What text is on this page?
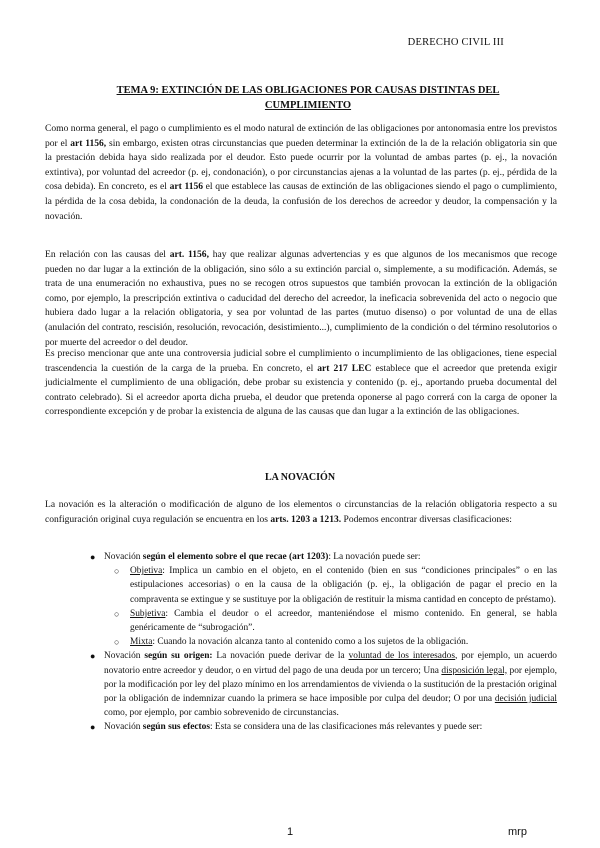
DERECHO CIVIL III
TEMA 9: EXTINCIÓN DE LAS OBLIGACIONES POR CAUSAS DISTINTAS DEL CUMPLIMIENTO
Como norma general, el pago o cumplimiento es el modo natural de extinción de las obligaciones por antonomasia entre los previstos por el art 1156, sin embargo, existen otras circunstancias que pueden determinar la extinción de la de la relación obligatoria sin que la prestación debida haya sido realizada por el deudor. Esto puede ocurrir por la voluntad de ambas partes (p. ej., la novación extintiva), por voluntad del acreedor (p. ej, condonación), o por circunstancias ajenas a la voluntad de las partes (p. ej., pérdida de la cosa debida). En concreto, es el art 1156 el que establece las causas de extinción de las obligaciones siendo el pago o cumplimiento, la pérdida de la cosa debida, la condonación de la deuda, la confusión de los derechos de acreedor y deudor, la compensación y la novación.
En relación con las causas del art. 1156, hay que realizar algunas advertencias y es que algunos de los mecanismos que recoge pueden no dar lugar a la extinción de la obligación, sino sólo a su extinción parcial o, simplemente, a su modificación. Además, se trata de una enumeración no exhaustiva, pues no se recogen otros supuestos que también provocan la extinción de la obligación como, por ejemplo, la prescripción extintiva o caducidad del derecho del acreedor, la ineficacia sobrevenida del acto o negocio que hubiera dado lugar a la relación obligatoria, y sea por voluntad de las partes (mutuo disenso) o por voluntad de una de ellas (anulación del contrato, rescisión, resolución, revocación, desistimiento...), cumplimiento de la condición o del término resolutorios o por muerte del acreedor o del deudor.
Es preciso mencionar que ante una controversia judicial sobre el cumplimiento o incumplimiento de las obligaciones, tiene especial trascendencia la cuestión de la carga de la prueba. En concreto, el art 217 LEC establece que el acreedor que pretenda exigir judicialmente el cumplimiento de una obligación, debe probar su existencia y contenido (p. ej., aportando prueba documental del contrato celebrado). Si el acreedor aporta dicha prueba, el deudor que pretenda oponerse al pago correrá con la carga de oponer la correspondiente excepción y de probar la existencia de alguna de las causas que dan lugar a la extinción de las obligaciones.
LA NOVACIÓN
La novación es la alteración o modificación de alguno de los elementos o circunstancias de la relación obligatoria respecto a su configuración original cuya regulación se encuentra en los arts. 1203 a 1213. Podemos encontrar diversas clasificaciones:
● Novación según el elemento sobre el que recae (art 1203): La novación puede ser:
○ Objetiva: Implica un cambio en el objeto, en el contenido (bien en sus “condiciones principales” o en las estipulaciones accesorias) o en la causa de la obligación (p. ej., la obligación de pagar el precio en la compraventa se extingue y se sustituye por la obligación de restituir la misma cantidad en concepto de préstamo).
○ Subjetiva: Cambia el deudor o el acreedor, manteniéndose el mismo contenido. En general, se habla genéricamente de “subrogación”.
○ Mixta: Cuando la novación alcanza tanto al contenido como a los sujetos de la obligación.
● Novación según su origen: La novación puede derivar de la voluntad de los interesados, por ejemplo, un acuerdo novatorio entre acreedor y deudor, o en virtud del pago de una deuda por un tercero; Una disposición legal, por ejemplo, por la modificación por ley del plazo mínimo en los arrendamientos de vivienda o la sustitución de la prestación original por la obligación de indemnizar cuando la primera se hace imposible por culpa del deudor; O por una decisión judicial como, por ejemplo, por cambio sobrevenido de circunstancias.
● Novación según sus efectos: Esta se considera una de las clasificaciones más relevantes y puede ser:
1	mrp
